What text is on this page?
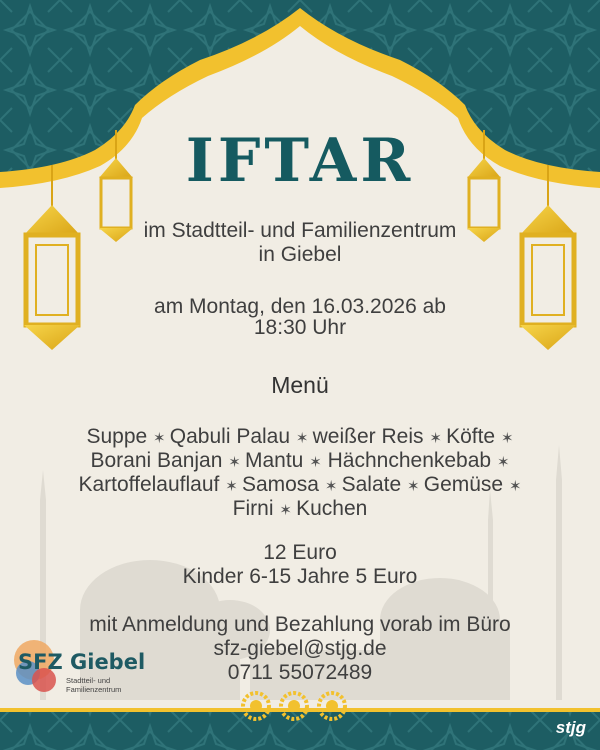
IFTAR
im Stadtteil- und Familienzentrum
in Giebel
am Montag, den 16.03.2026 ab
18:30 Uhr
Menü
Suppe ✶ Qabuli Palau ✶ weißer Reis ✶ Köfte ✶
Borani Banjan ✶ Mantu ✶ Hächnchenkebab ✶
Kartoffelauflauf ✶ Samosa ✶ Salate ✶ Gemüse ✶
Firni ✶ Kuchen
12 Euro
Kinder 6-15 Jahre 5 Euro
mit Anmeldung und Bezahlung vorab im Büro
sfz-giebel@stjg.de
0711 55072489
SFZ Giebel
Stadtteil- und
Familienzentrum
stjg
